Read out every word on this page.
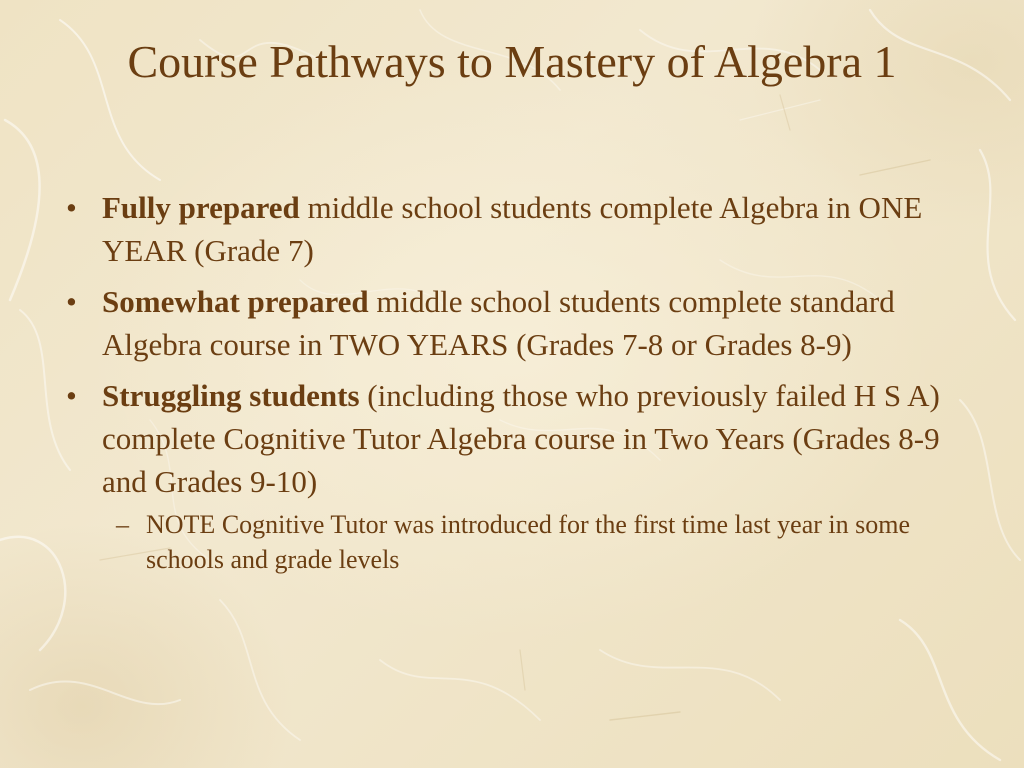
Course Pathways to Mastery of Algebra 1
• Fully prepared middle school students complete Algebra in ONE YEAR (Grade 7)
• Somewhat prepared middle school students complete standard Algebra course in TWO YEARS (Grades 7-8 or Grades 8-9)
• Struggling students (including those who previously failed H S A) complete Cognitive Tutor Algebra course in Two Years (Grades 8-9 and Grades 9-10)
– NOTE Cognitive Tutor was introduced for the first time last year in some schools and grade levels
